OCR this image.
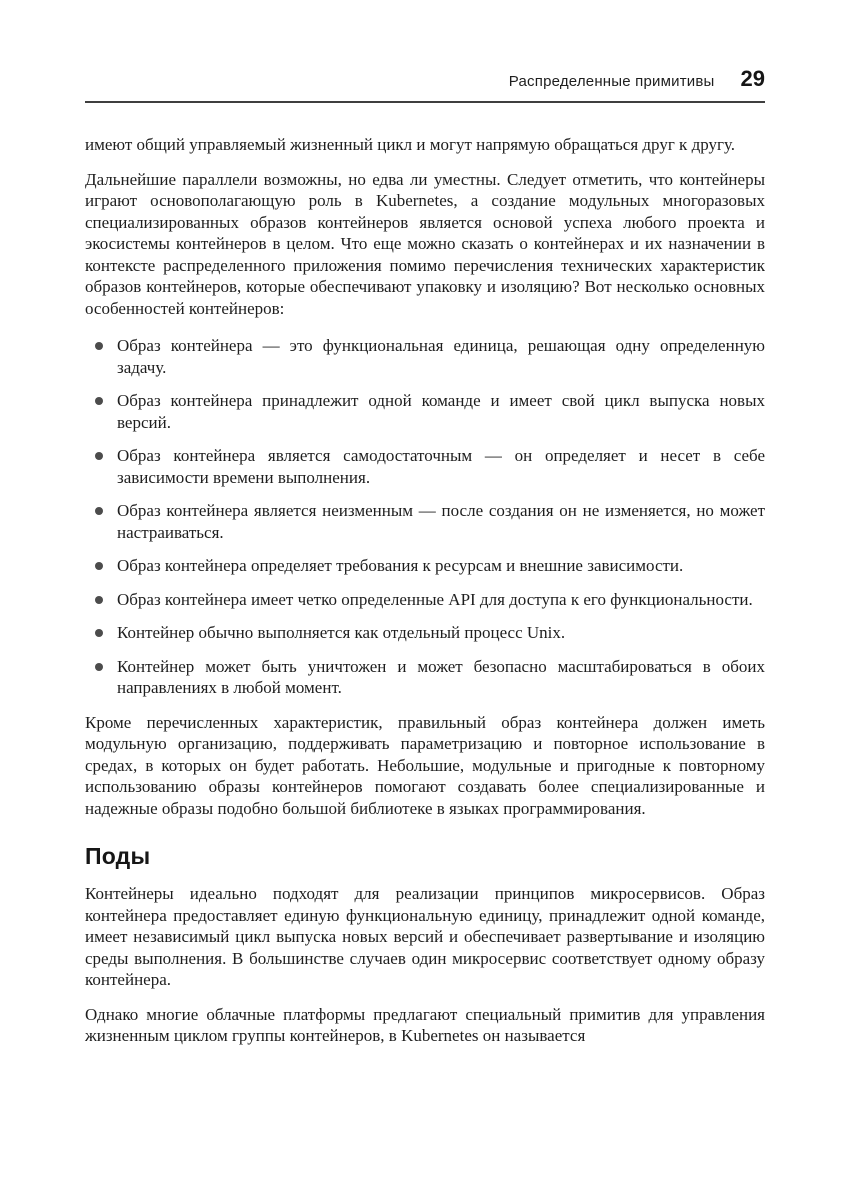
Распределенные примитивы 29

имеют общий управляемый жизненный цикл и могут напрямую обращаться друг к другу.

Дальнейшие параллели возможны, но едва ли уместны. Следует отметить, что контейнеры играют основополагающую роль в Kubernetes, а создание модульных многоразовых специализированных образов контейнеров является основой успеха любого проекта и экосистемы контейнеров в целом. Что еще можно сказать о контейнерах и их назначении в контексте распределенного приложения помимо перечисления технических характеристик образов контейнеров, которые обеспечивают упаковку и изоляцию? Вот несколько основных особенностей контейнеров:

Образ контейнера — это функциональная единица, решающая одну определенную задачу.
Образ контейнера принадлежит одной команде и имеет свой цикл выпуска новых версий.
Образ контейнера является самодостаточным — он определяет и несет в себе зависимости времени выполнения.
Образ контейнера является неизменным — после создания он не изменяется, но может настраиваться.
Образ контейнера определяет требования к ресурсам и внешние зависимости.
Образ контейнера имеет четко определенные API для доступа к его функциональности.
Контейнер обычно выполняется как отдельный процесс Unix.
Контейнер может быть уничтожен и может безопасно масштабироваться в обоих направлениях в любой момент.

Кроме перечисленных характеристик, правильный образ контейнера должен иметь модульную организацию, поддерживать параметризацию и повторное использование в средах, в которых он будет работать. Небольшие, модульные и пригодные к повторному использованию образы контейнеров помогают создавать более специализированные и надежные образы подобно большой библиотеке в языках программирования.

Поды

Контейнеры идеально подходят для реализации принципов микросервисов. Образ контейнера предоставляет единую функциональную единицу, принадлежит одной команде, имеет независимый цикл выпуска новых версий и обеспечивает развертывание и изоляцию среды выполнения. В большинстве случаев один микросервис соответствует одному образу контейнера.

Однако многие облачные платформы предлагают специальный примитив для управления жизненным циклом группы контейнеров, в Kubernetes он называется
